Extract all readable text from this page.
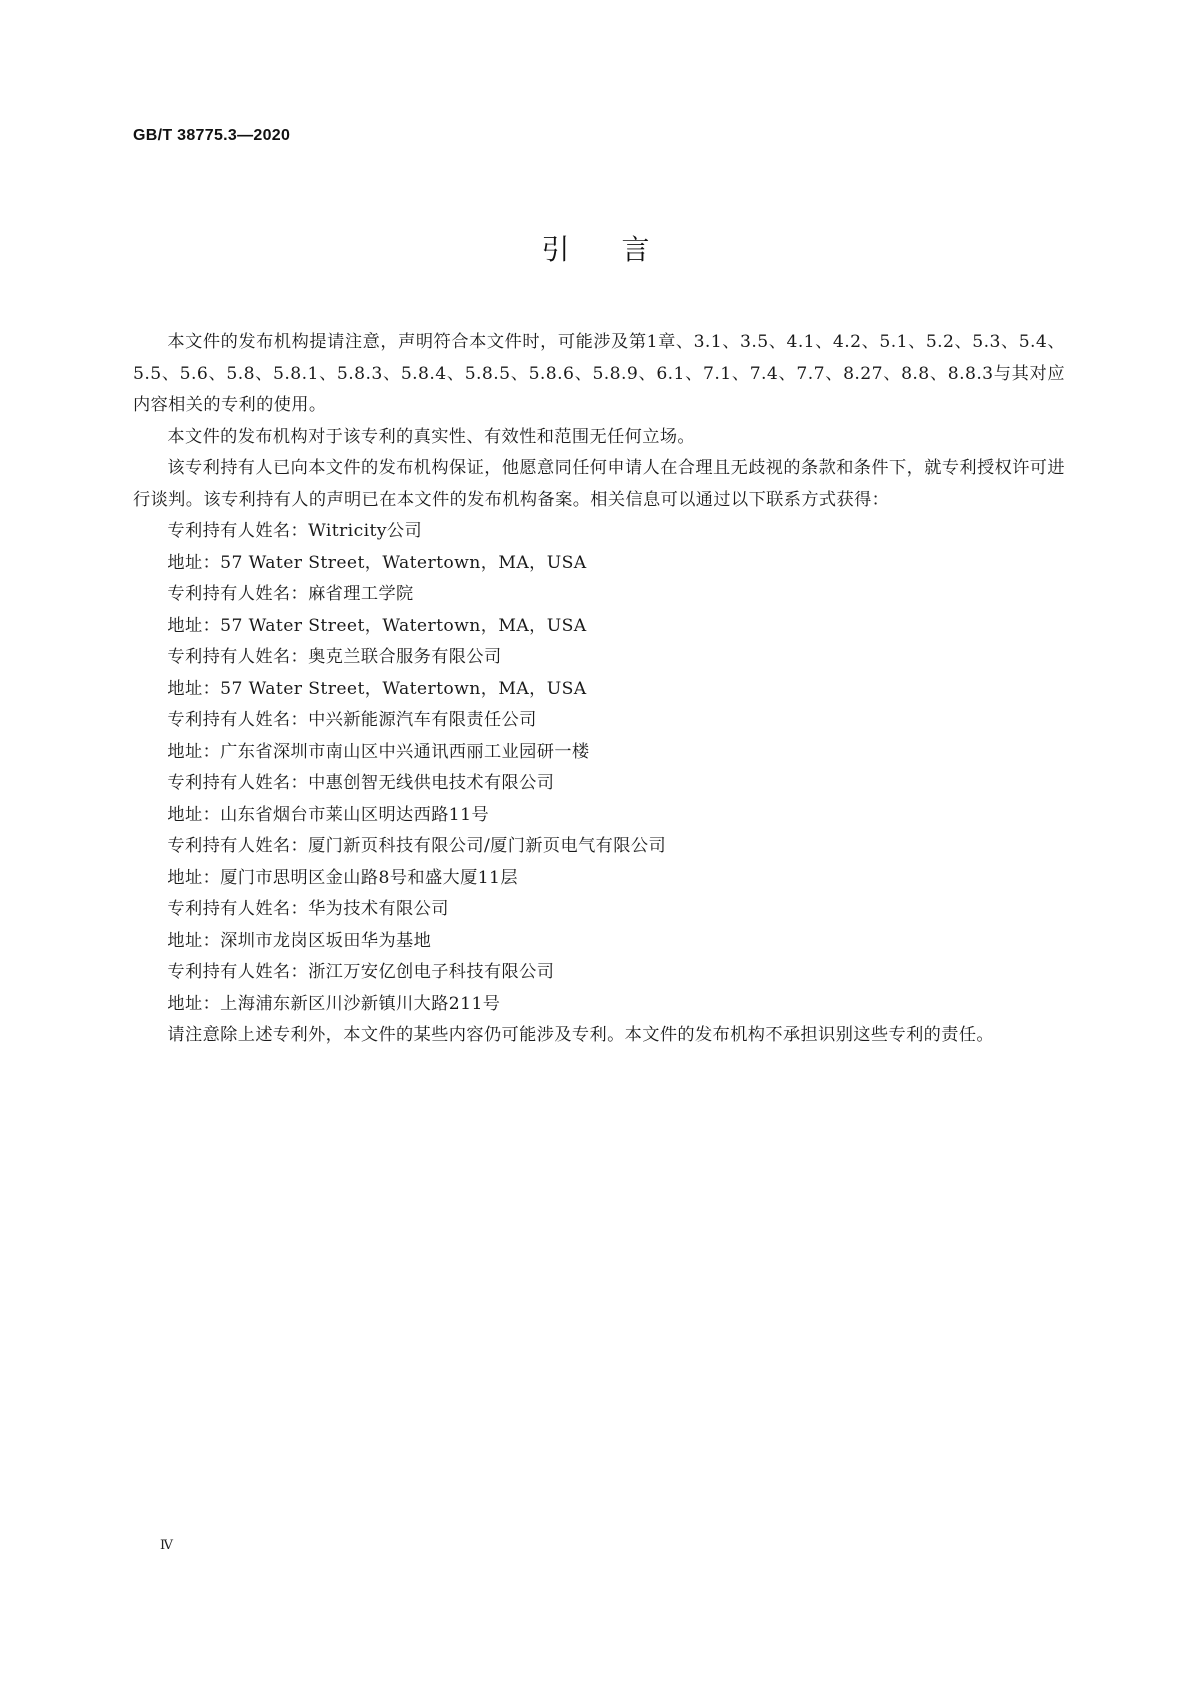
GB/T 38775.3—2020
引言

本文件的发布机构提请注意，声明符合本文件时，可能涉及第1章、3.1、3.5、4.1、4.2、5.1、5.2、5.3、5.4、5.5、5.6、5.8、5.8.1、5.8.3、5.8.4、5.8.5、5.8.6、5.8.9、6.1、7.1、7.4、7.7、8.27、8.8、8.8.3与其对应内容相关的专利的使用。

本文件的发布机构对于该专利的真实性、有效性和范围无任何立场。

该专利持有人已向本文件的发布机构保证，他愿意同任何申请人在合理且无歧视的条款和条件下，就专利授权许可进行谈判。该专利持有人的声明已在本文件的发布机构备案。相关信息可以通过以下联系方式获得：

专利持有人姓名：Witricity公司

地址：57 Water Street，Watertown，MA，USA

专利持有人姓名：麻省理工学院

地址：57 Water Street，Watertown，MA，USA

专利持有人姓名：奥克兰联合服务有限公司

地址：57 Water Street，Watertown，MA，USA

专利持有人姓名：中兴新能源汽车有限责任公司

地址：广东省深圳市南山区中兴通讯西丽工业园研一楼

专利持有人姓名：中惠创智无线供电技术有限公司

地址：山东省烟台市莱山区明达西路11号

专利持有人姓名：厦门新页科技有限公司/厦门新页电气有限公司

地址：厦门市思明区金山路8号和盛大厦11层

专利持有人姓名：华为技术有限公司

地址：深圳市龙岗区坂田华为基地

专利持有人姓名：浙江万安亿创电子科技有限公司

地址：上海浦东新区川沙新镇川大路211号

请注意除上述专利外，本文件的某些内容仍可能涉及专利。本文件的发布机构不承担识别这些专利的责任。

Ⅳ
